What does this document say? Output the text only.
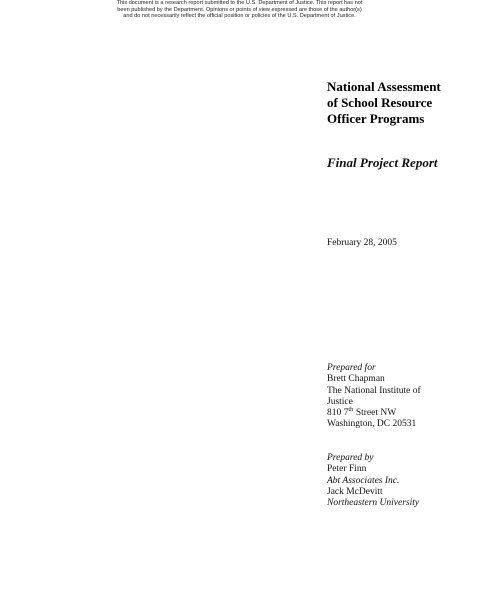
This document is a research report submitted to the U.S. Department of Justice. This report has not
been published by the Department. Opinions or points of view expressed are those of the author(s)
and do not necessarily reflect the official position or policies of the U.S. Department of Justice.
National Assessment
of School Resource
Officer Programs
Final Project Report
February 28, 2005
Prepared for
Brett Chapman
The National Institute of
Justice
810 7th Street NW
Washington, DC 20531
Prepared by
Peter Finn
Abt Associates Inc.
Jack McDevitt
Northeastern University
